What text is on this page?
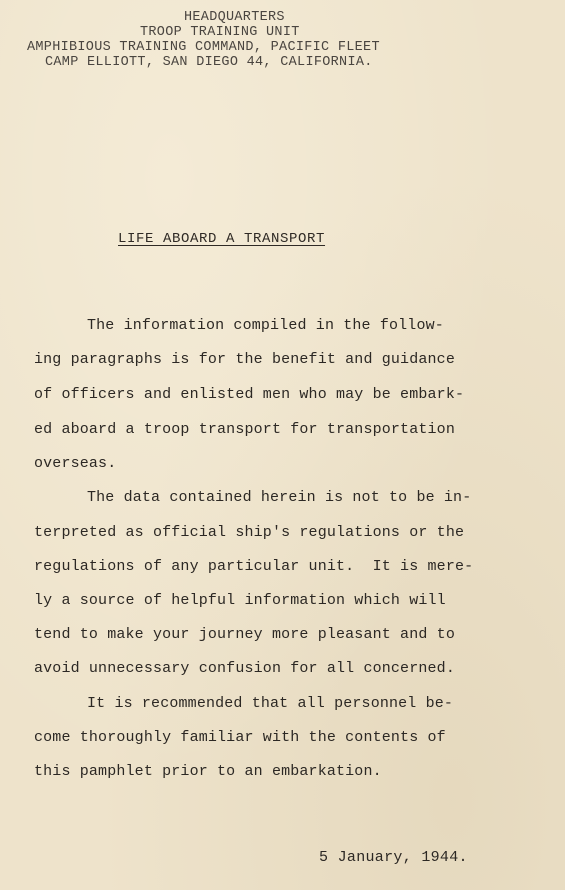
HEADQUARTERS
TROOP TRAINING UNIT
AMPHIBIOUS TRAINING COMMAND, PACIFIC FLEET
CAMP ELLIOTT, SAN DIEGO 44, CALIFORNIA.
LIFE ABOARD A TRANSPORT
The information compiled in the follow-
ing paragraphs is for the benefit and guidance
of officers and enlisted men who may be embark-
ed aboard a troop transport for transportation
overseas.
The data contained herein is not to be in-
terpreted as official ship's regulations or the
regulations of any particular unit.  It is mere-
ly a source of helpful information which will
tend to make your journey more pleasant and to
avoid unnecessary confusion for all concerned.
It is recommended that all personnel be-
come thoroughly familiar with the contents of
this pamphlet prior to an embarkation.
5 January, 1944.
